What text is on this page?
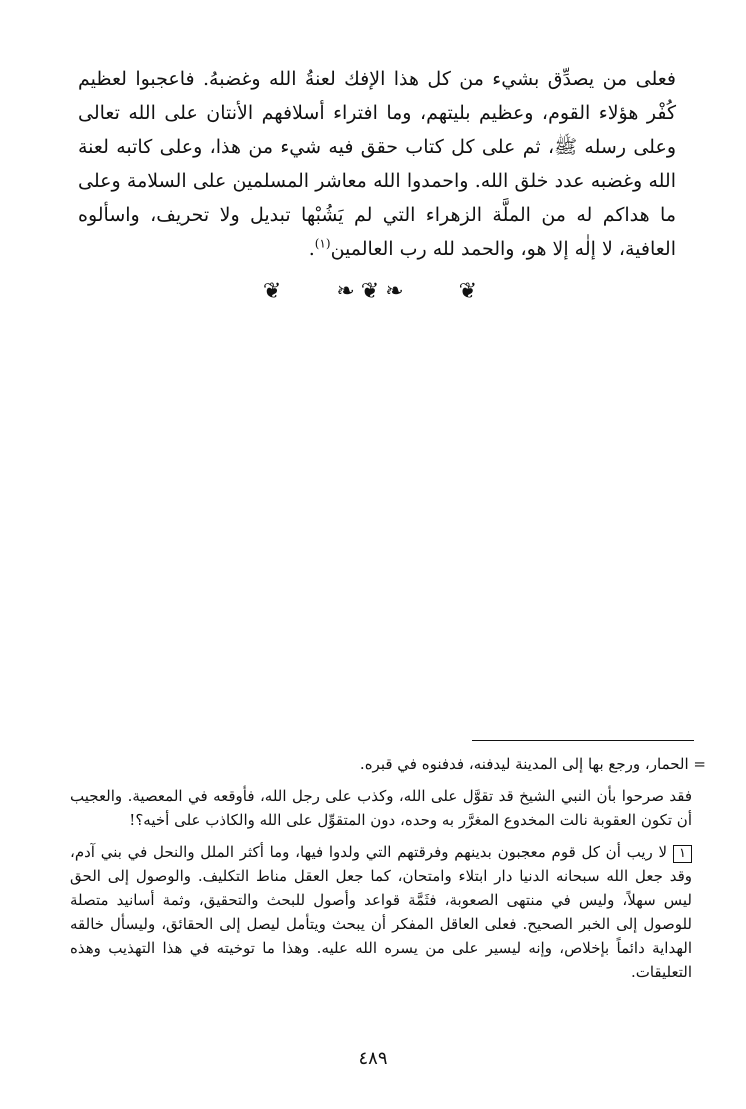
فعلى من يصدِّق بشيء من كل هذا الإفك لعنةُ الله وغضبهُ. فاعجبوا لعظيم كُفْر هؤلاء القوم، وعظيم بليتهم، وما افتراء أسلافهم الأنتان على الله تعالى وعلى رسله ﷺ، ثم على كل كتاب حقق فيه شيء من هذا، وعلى كاتبه لعنة الله وغضبه عدد خلق الله. واحمدوا الله معاشر المسلمين على السلامة وعلى ما هداكم له من الملَّة الزهراء التي لم يَشُبْها تبديل ولا تحريف، واسألوه العافية، لا إلٰه إلا هو، والحمد لله رب العالمين$^{(١)}$.

❦ ❧❦❧ ❦

= الحمار، ورجع بها إلى المدينة ليدفنه، فدفنوه في قبره.

فقد صرحوا بأن النبي الشيخ قد تقوَّل على الله، وكذب على رجل الله، فأوقعه في المعصية. والعجيب أن تكون العقوبة نالت المخدوع المغرَّر به وحده، دون المتقوِّل على الله والكاذب على أخيه؟!

١لا ريب أن كل قوم معجبون بدينهم وفرقتهم التي ولدوا فيها، وما أكثر الملل والنحل في بني آدم، وقد جعل الله سبحانه الدنيا دار ابتلاء وامتحان، كما جعل العقل مناط التكليف. والوصول إلى الحق ليس سهلاً، وليس في منتهى الصعوبة، فثَمَّة قواعد وأصول للبحث والتحقيق، وثمة أسانيد متصلة للوصول إلى الخبر الصحيح. فعلى العاقل المفكر أن يبحث ويتأمل ليصل إلى الحقائق، وليسأل خالقه الهداية دائماً بإخلاص، وإنه ليسير على من يسره الله عليه. وهذا ما توخيته في هذا التهذيب وهذه التعليقات.

٤٨٩
